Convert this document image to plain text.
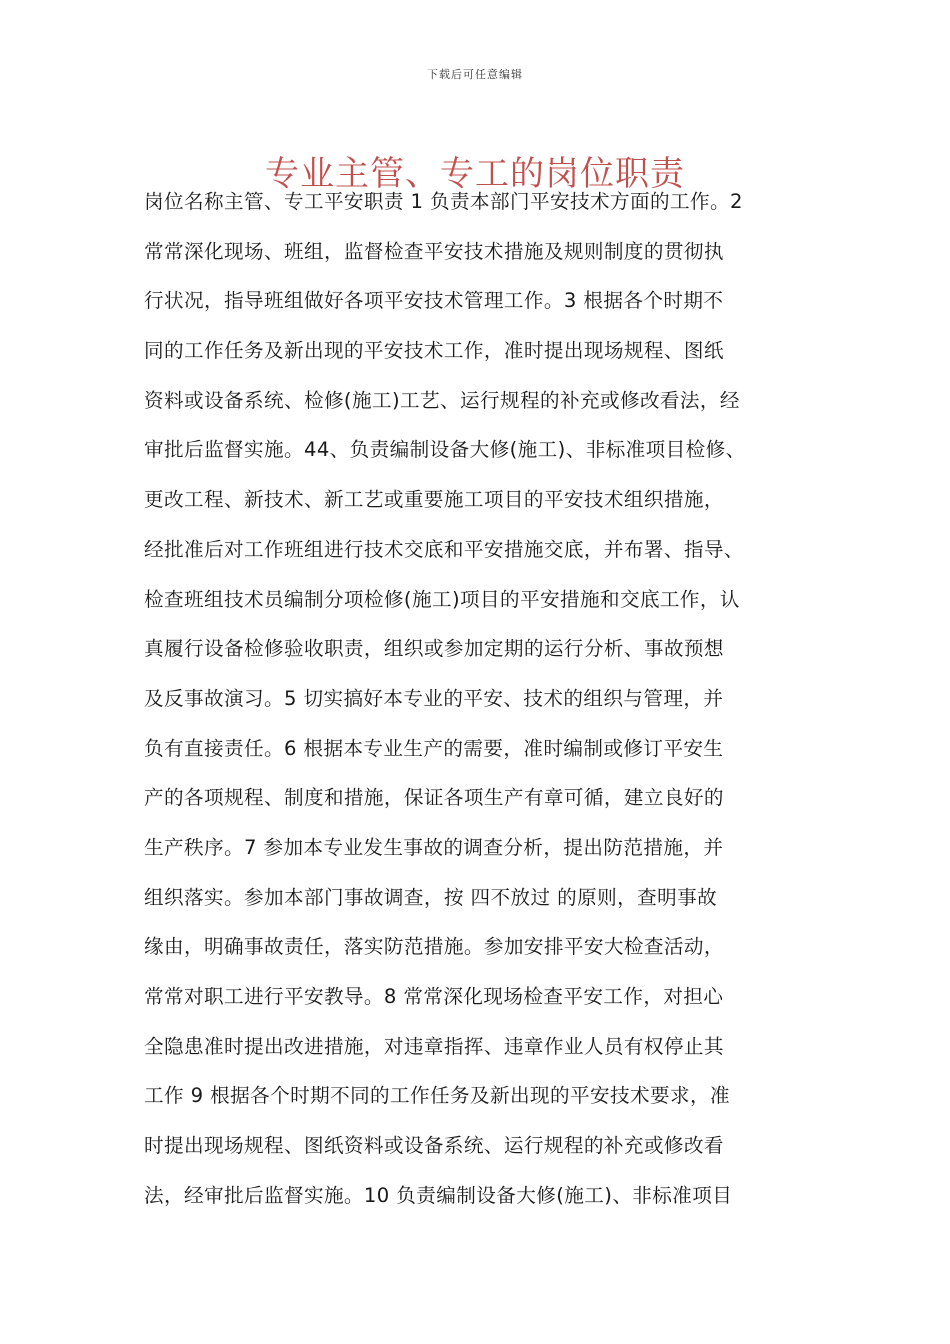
下载后可任意编辑
专业主管、专工的岗位职责
岗位名称主管、专工平安职责 1 负责本部门平安技术方面的工作。2
常常深化现场、班组，监督检查平安技术措施及规则制度的贯彻执
行状况，指导班组做好各项平安技术管理工作。3 根据各个时期不
同的工作任务及新出现的平安技术工作，准时提出现场规程、图纸
资料或设备系统、检修(施工)工艺、运行规程的补充或修改看法，经
审批后监督实施。44、负责编制设备大修(施工)、非标准项目检修、
更改工程、新技术、新工艺或重要施工项目的平安技术组织措施，
经批准后对工作班组进行技术交底和平安措施交底，并布署、指导、
检查班组技术员编制分项检修(施工)项目的平安措施和交底工作，认
真履行设备检修验收职责，组织或参加定期的运行分析、事故预想
及反事故演习。5 切实搞好本专业的平安、技术的组织与管理，并
负有直接责任。6 根据本专业生产的需要，准时编制或修订平安生
产的各项规程、制度和措施，保证各项生产有章可循，建立良好的
生产秩序。7 参加本专业发生事故的调查分析，提出防范措施，并
组织落实。参加本部门事故调查，按 四不放过 的原则，查明事故
缘由，明确事故责任，落实防范措施。参加安排平安大检查活动，
常常对职工进行平安教导。8 常常深化现场检查平安工作，对担心
全隐患准时提出改进措施，对违章指挥、违章作业人员有权停止其
工作 9 根据各个时期不同的工作任务及新出现的平安技术要求，准
时提出现场规程、图纸资料或设备系统、运行规程的补充或修改看
法，经审批后监督实施。10 负责编制设备大修(施工)、非标准项目
